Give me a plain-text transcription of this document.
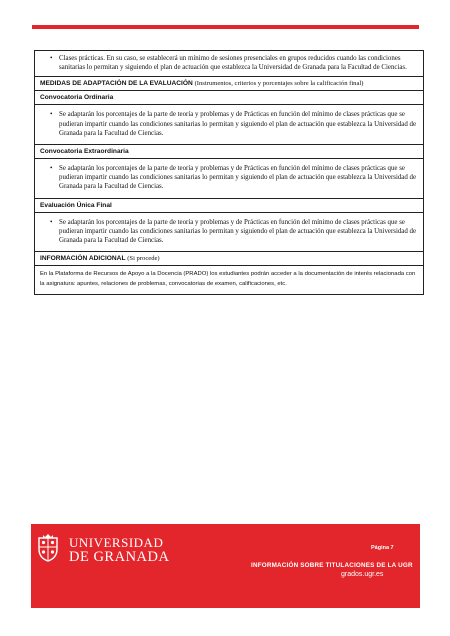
• Clases prácticas. En su caso, se establecerá un mínimo de sesiones presenciales en grupos reducidos cuando las condiciones sanitarias lo permitan y siguiendo el plan de actuación que establezca la Universidad de Granada para la Facultad de Ciencias.
MEDIDAS DE ADAPTACIÓN DE LA EVALUACIÓN (Instrumentos, criterios y porcentajes sobre la calificación final)
Convocatoria Ordinaria
• Se adaptarán los porcentajes de la parte de teoría y problemas y de Prácticas en función del mínimo de clases prácticas que se pudieran impartir cuando las condiciones sanitarias lo permitan y siguiendo el plan de actuación que establezca la Universidad de Granada para la Facultad de Ciencias.
Convocatoria Extraordinaria
• Se adaptarán los porcentajes de la parte de teoría y problemas y de Prácticas en función del mínimo de clases prácticas que se pudieran impartir cuando las condiciones sanitarias lo permitan y siguiendo el plan de actuación que establezca la Universidad de Granada para la Facultad de Ciencias.
Evaluación Única Final
• Se adaptarán los porcentajes de la parte de teoría y problemas y de Prácticas en función del mínimo de clases prácticas que se pudieran impartir cuando las condiciones sanitarias lo permitan y siguiendo el plan de actuación que establezca la Universidad de Granada para la Facultad de Ciencias.
INFORMACIÓN ADICIONAL (Si procede)
En la Plataforma de Recursos de Apoyo a la Docencia (PRADO) los estudiantes podrán acceder a la documentación de interés relacionada con la asignatura: apuntes, relaciones de problemas, convocatorias de examen, calificaciones, etc.
UNIVERSIDAD
DE GRANADA
Página 7
INFORMACIÓN SOBRE TITULACIONES DE LA UGR
grados.ugr.es
